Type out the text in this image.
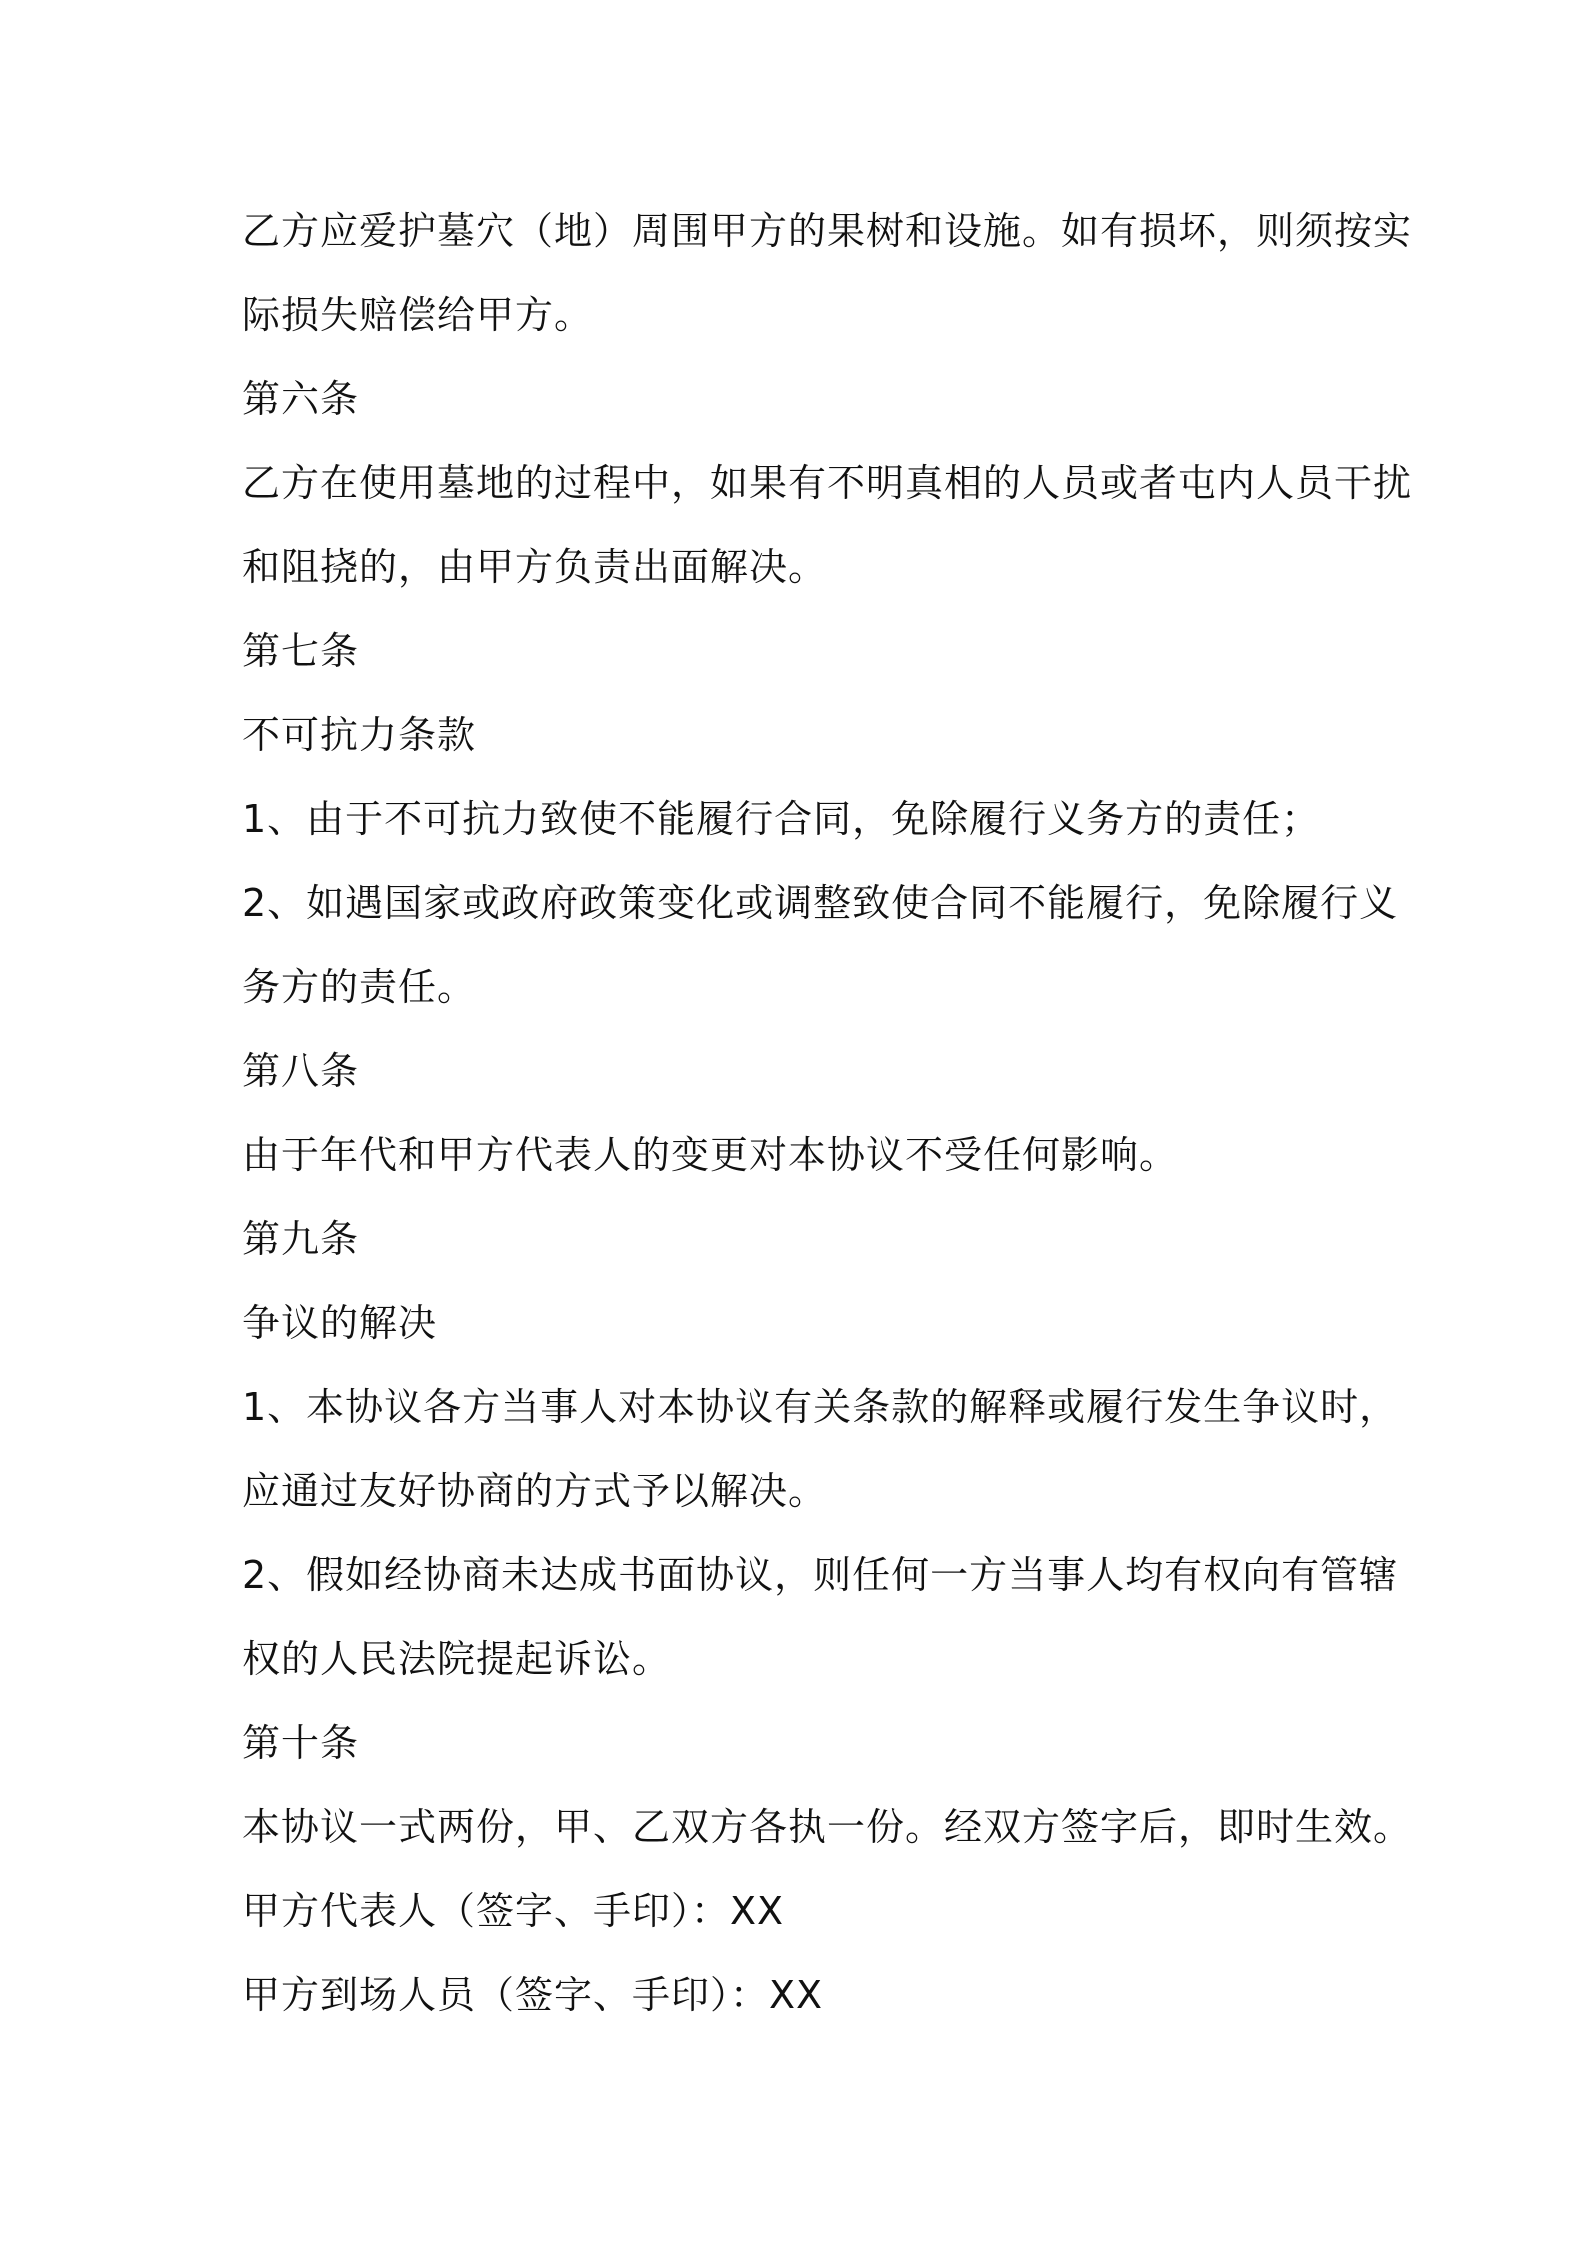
乙方应爱护墓穴（地）周围甲方的果树和设施。如有损坏，则须按实
际损失赔偿给甲方。
第六条
乙方在使用墓地的过程中，如果有不明真相的人员或者屯内人员干扰
和阻挠的，由甲方负责出面解决。
第七条
不可抗力条款
1、由于不可抗力致使不能履行合同，免除履行义务方的责任；
2、如遇国家或政府政策变化或调整致使合同不能履行，免除履行义
务方的责任。
第八条
由于年代和甲方代表人的变更对本协议不受任何影响。
第九条
争议的解决
1、本协议各方当事人对本协议有关条款的解释或履行发生争议时，
应通过友好协商的方式予以解决。
2、假如经协商未达成书面协议，则任何一方当事人均有权向有管辖
权的人民法院提起诉讼。
第十条
本协议一式两份，甲、乙双方各执一份。经双方签字后，即时生效。
甲方代表人（签字、手印）：XX
甲方到场人员（签字、手印）：XX
